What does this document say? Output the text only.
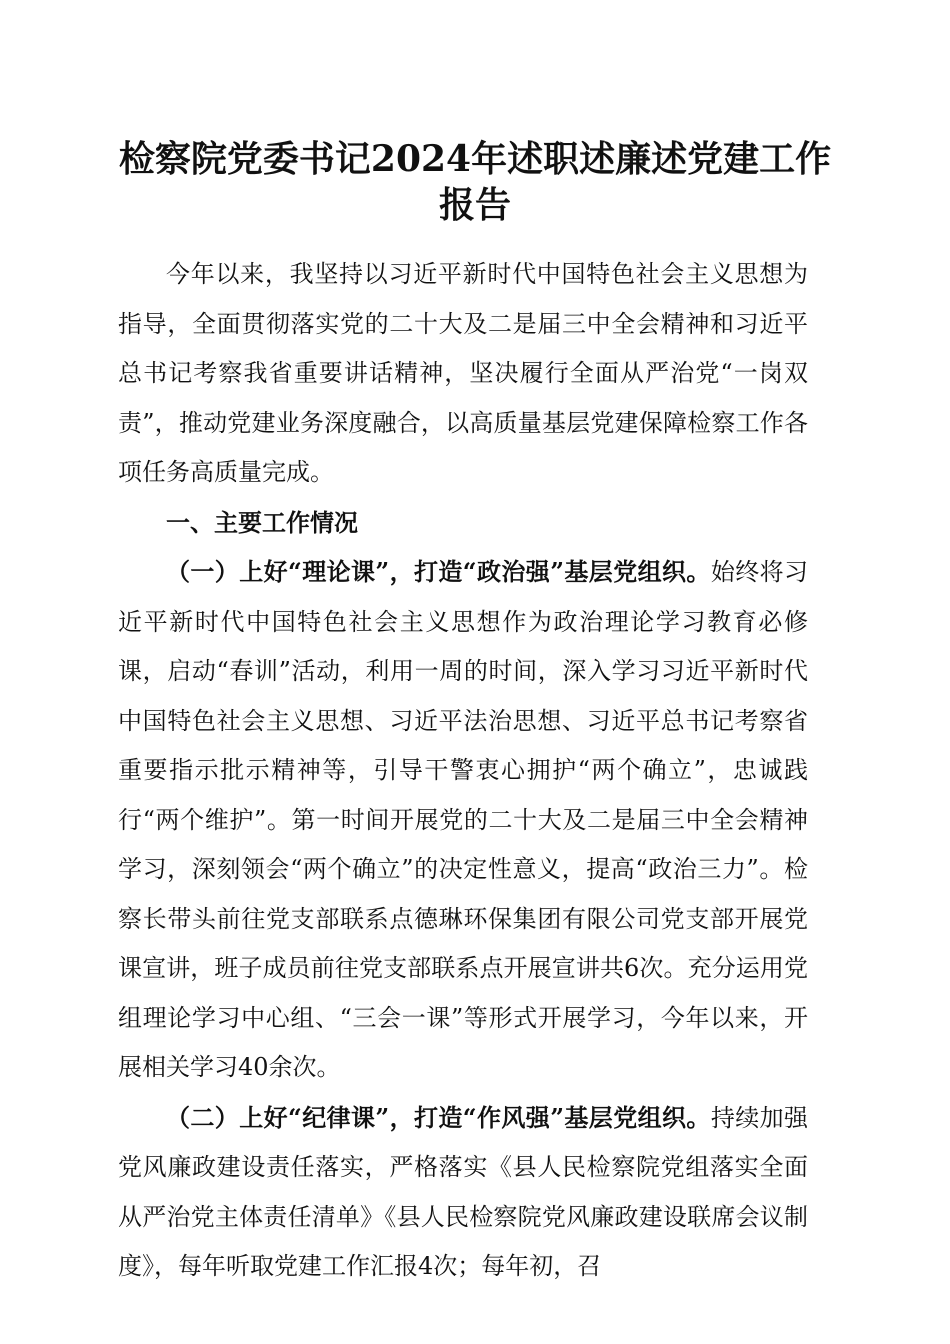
检察院党委书记2024年述职述廉述党建工作报告

今年以来，我坚持以习近平新时代中国特色社会主义思想为指导，全面贯彻落实党的二十大及二是届三中全会精神和习近平总书记考察我省重要讲话精神，坚决履行全面从严治党“一岗双责”，推动党建业务深度融合，以高质量基层党建保障检察工作各项任务高质量完成。

一、主要工作情况

（一）上好“理论课”，打造“政治强”基层党组织。始终将习近平新时代中国特色社会主义思想作为政治理论学习教育必修课，启动“春训”活动，利用一周的时间，深入学习习近平新时代中国特色社会主义思想、习近平法治思想、习近平总书记考察省重要指示批示精神等，引导干警衷心拥护“两个确立”，忠诚践行“两个维护”。第一时间开展党的二十大及二是届三中全会精神学习，深刻领会“两个确立”的决定性意义，提高“政治三力”。检察长带头前往党支部联系点德琳环保集团有限公司党支部开展党课宣讲，班子成员前往党支部联系点开展宣讲共6次。充分运用党组理论学习中心组、“三会一课”等形式开展学习，今年以来，开展相关学习40余次。

（二）上好“纪律课”，打造“作风强”基层党组织。持续加强党风廉政建设责任落实，严格落实《县人民检察院党组落实全面从严治党主体责任清单》《县人民检察院党风廉政建设联席会议制度》，每年听取党建工作汇报4次；每年初，召
